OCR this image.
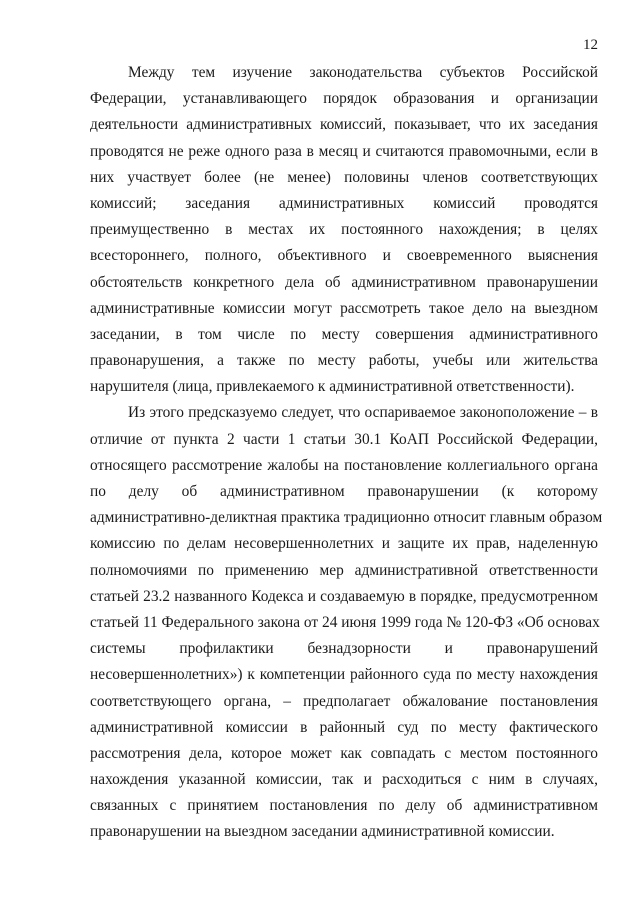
12
Между тем изучение законодательства субъектов Российской
Федерации, устанавливающего порядок образования и организации
деятельности административных комиссий, показывает, что их заседания
проводятся не реже одного раза в месяц и считаются правомочными, если в
них участвует более (не менее) половины членов соответствующих
комиссий; заседания административных комиссий проводятся
преимущественно в местах их постоянного нахождения; в целях
всестороннего, полного, объективного и своевременного выяснения
обстоятельств конкретного дела об административном правонарушении
административные комиссии могут рассмотреть такое дело на выездном
заседании, в том числе по месту совершения административного
правонарушения, а также по месту работы, учебы или жительства
нарушителя (лица, привлекаемого к административной ответственности).
Из этого предсказуемо следует, что оспариваемое законоположение – в
отличие от пункта 2 части 1 статьи 30.1 КоАП Российской Федерации,
относящего рассмотрение жалобы на постановление коллегиального органа
по делу об административном правонарушении (к которому
административно-деликтная практика традиционно относит главным образом
комиссию по делам несовершеннолетних и защите их прав, наделенную
полномочиями по применению мер административной ответственности
статьей 23.2 названного Кодекса и создаваемую в порядке, предусмотренном
статьей 11 Федерального закона от 24 июня 1999 года № 120-ФЗ «Об основах
системы профилактики безнадзорности и правонарушений
несовершеннолетних») к компетенции районного суда по месту нахождения
соответствующего органа, – предполагает обжалование постановления
административной комиссии в районный суд по месту фактического
рассмотрения дела, которое может как совпадать с местом постоянного
нахождения указанной комиссии, так и расходиться с ним в случаях,
связанных с принятием постановления по делу об административном
правонарушении на выездном заседании административной комиссии.
